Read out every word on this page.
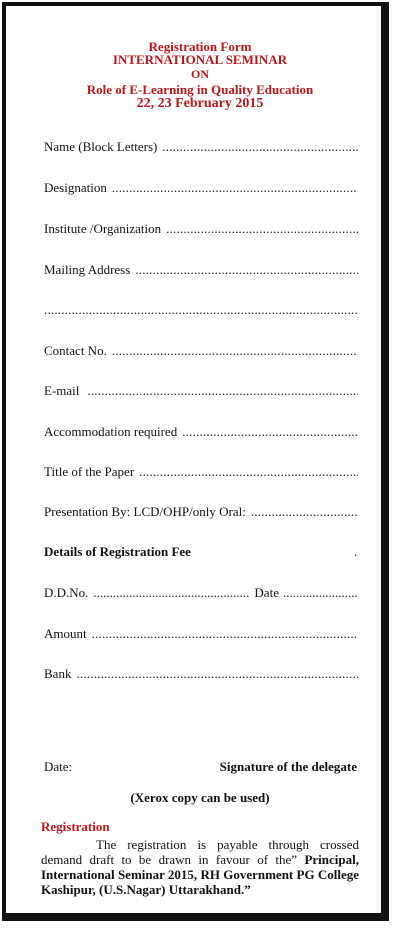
Registration Form
INTERNATIONAL SEMINAR
ON
Role of E-Learning in Quality Education
22, 23 February 2015
Name (Block Letters)
.....
Designation
.....
Institute /Organization
.....
Mailing Address
.....
.....
Contact No.
.....
E-mail
.....
Accommodation required
.....
Title of the Paper
.....
Presentation By: LCD/OHP/only Oral:
.....
Details of Registration Fee	.
D.D.No.
.....	Date
.....
Amount
.....
Bank
.....
Date:	Signature of the delegate
(Xerox copy can be used)
Registration
The registration is payable through crossed demand draft to be drawn in favour of the” Principal, International Seminar 2015, RH Government PG College Kashipur, (U.S.Nagar) Uttarakhand.”
